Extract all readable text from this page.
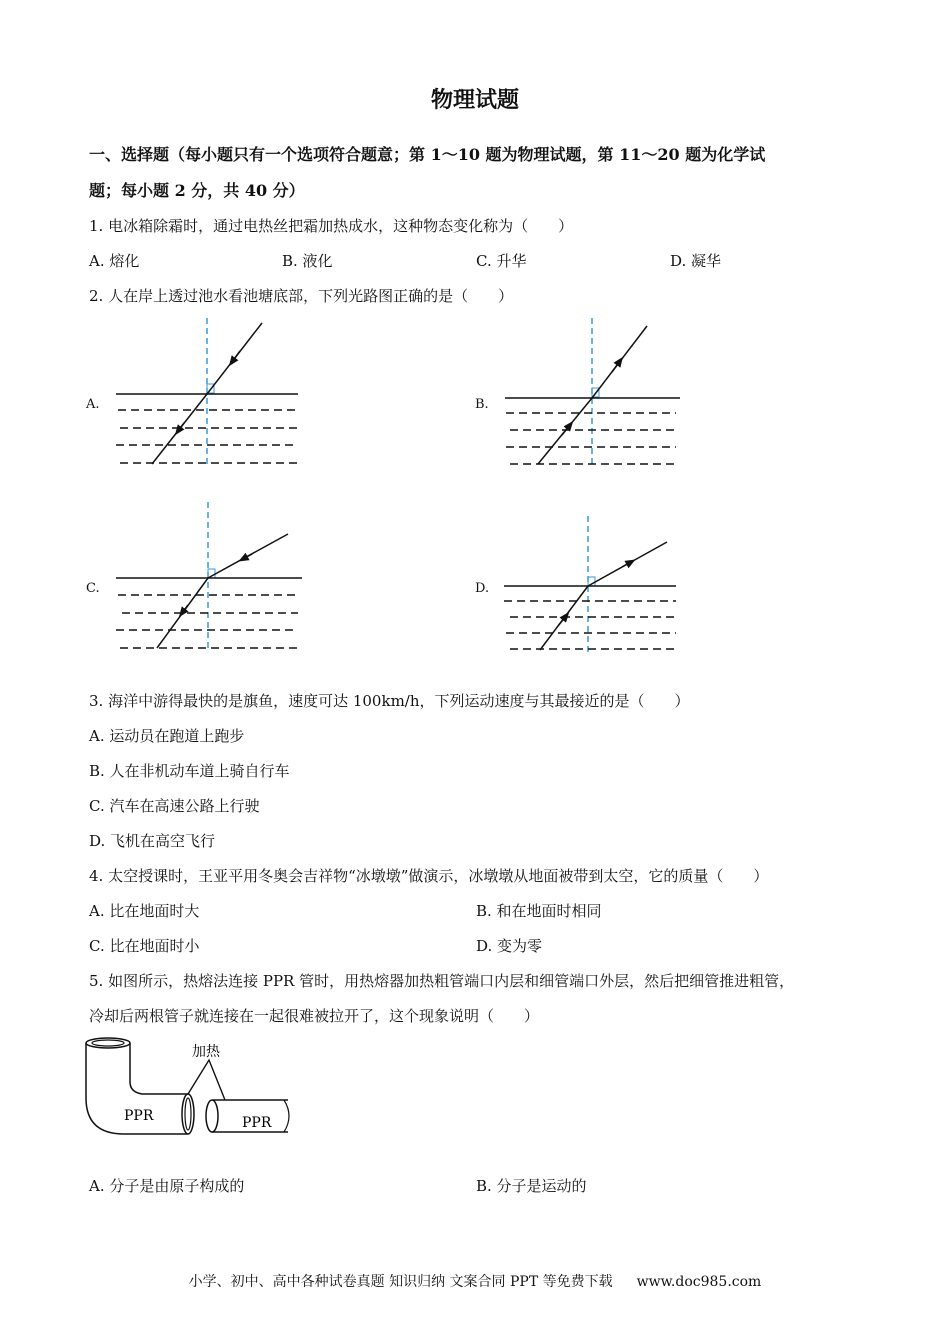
物理试题
一、选择题（每小题只有一个选项符合题意；第 1～10 题为物理试题，第 11～20 题为化学试
题；每小题 2 分，共 40 分）
1. 电冰箱除霜时，通过电热丝把霜加热成水，这种物态变化称为（　　）
A. 熔化	B. 液化	C. 升华	D. 凝华
2. 人在岸上透过池水看池塘底部，下列光路图正确的是（　　）
A.	B.
C.	D.
3. 海洋中游得最快的是旗鱼，速度可达 100km/h，下列运动速度与其最接近的是（　　）
A. 运动员在跑道上跑步
B. 人在非机动车道上骑自行车
C. 汽车在高速公路上行驶
D. 飞机在高空飞行
4. 太空授课时，王亚平用冬奥会吉祥物“冰墩墩”做演示，冰墩墩从地面被带到太空，它的质量（　　）
A. 比在地面时大	B. 和在地面时相同
C. 比在地面时小	D. 变为零
5. 如图所示，热熔法连接 PPR 管时，用热熔器加热粗管端口内层和细管端口外层，然后把细管推进粗管，
冷却后两根管子就连接在一起很难被拉开了，这个现象说明（　　）
加热
PPR	PPR
A. 分子是由原子构成的	B. 分子是运动的
小学、初中、高中各种试卷真题 知识归纳 文案合同 PPT 等免费下载 www.doc985.com
